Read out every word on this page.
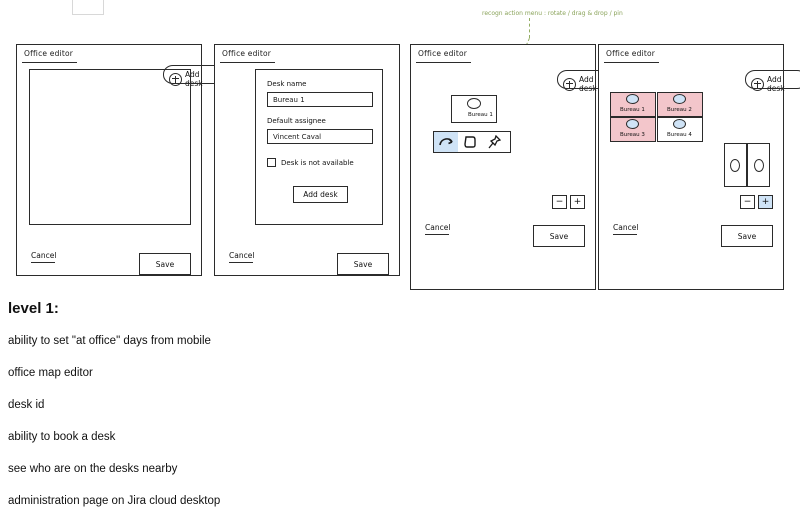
recogn action menu : rotate / drag & drop / pin
Office editor
Add desk
Cancel
Save
Office editor
Desk name
Bureau 1
Default assignee
Vincent Caval
Desk is not available
Add desk
Cancel
Save
Office editor
Add desk
Bureau 1
−	+
Cancel
Save
Office editor
Add desk
Bureau 1	Bureau 2
Bureau 3	Bureau 4
−	+
Cancel
Save
level 1:

ability to set "at office" days from mobile

office map editor

desk id

ability to book a desk

see who are on the desks nearby

administration page on Jira cloud desktop
